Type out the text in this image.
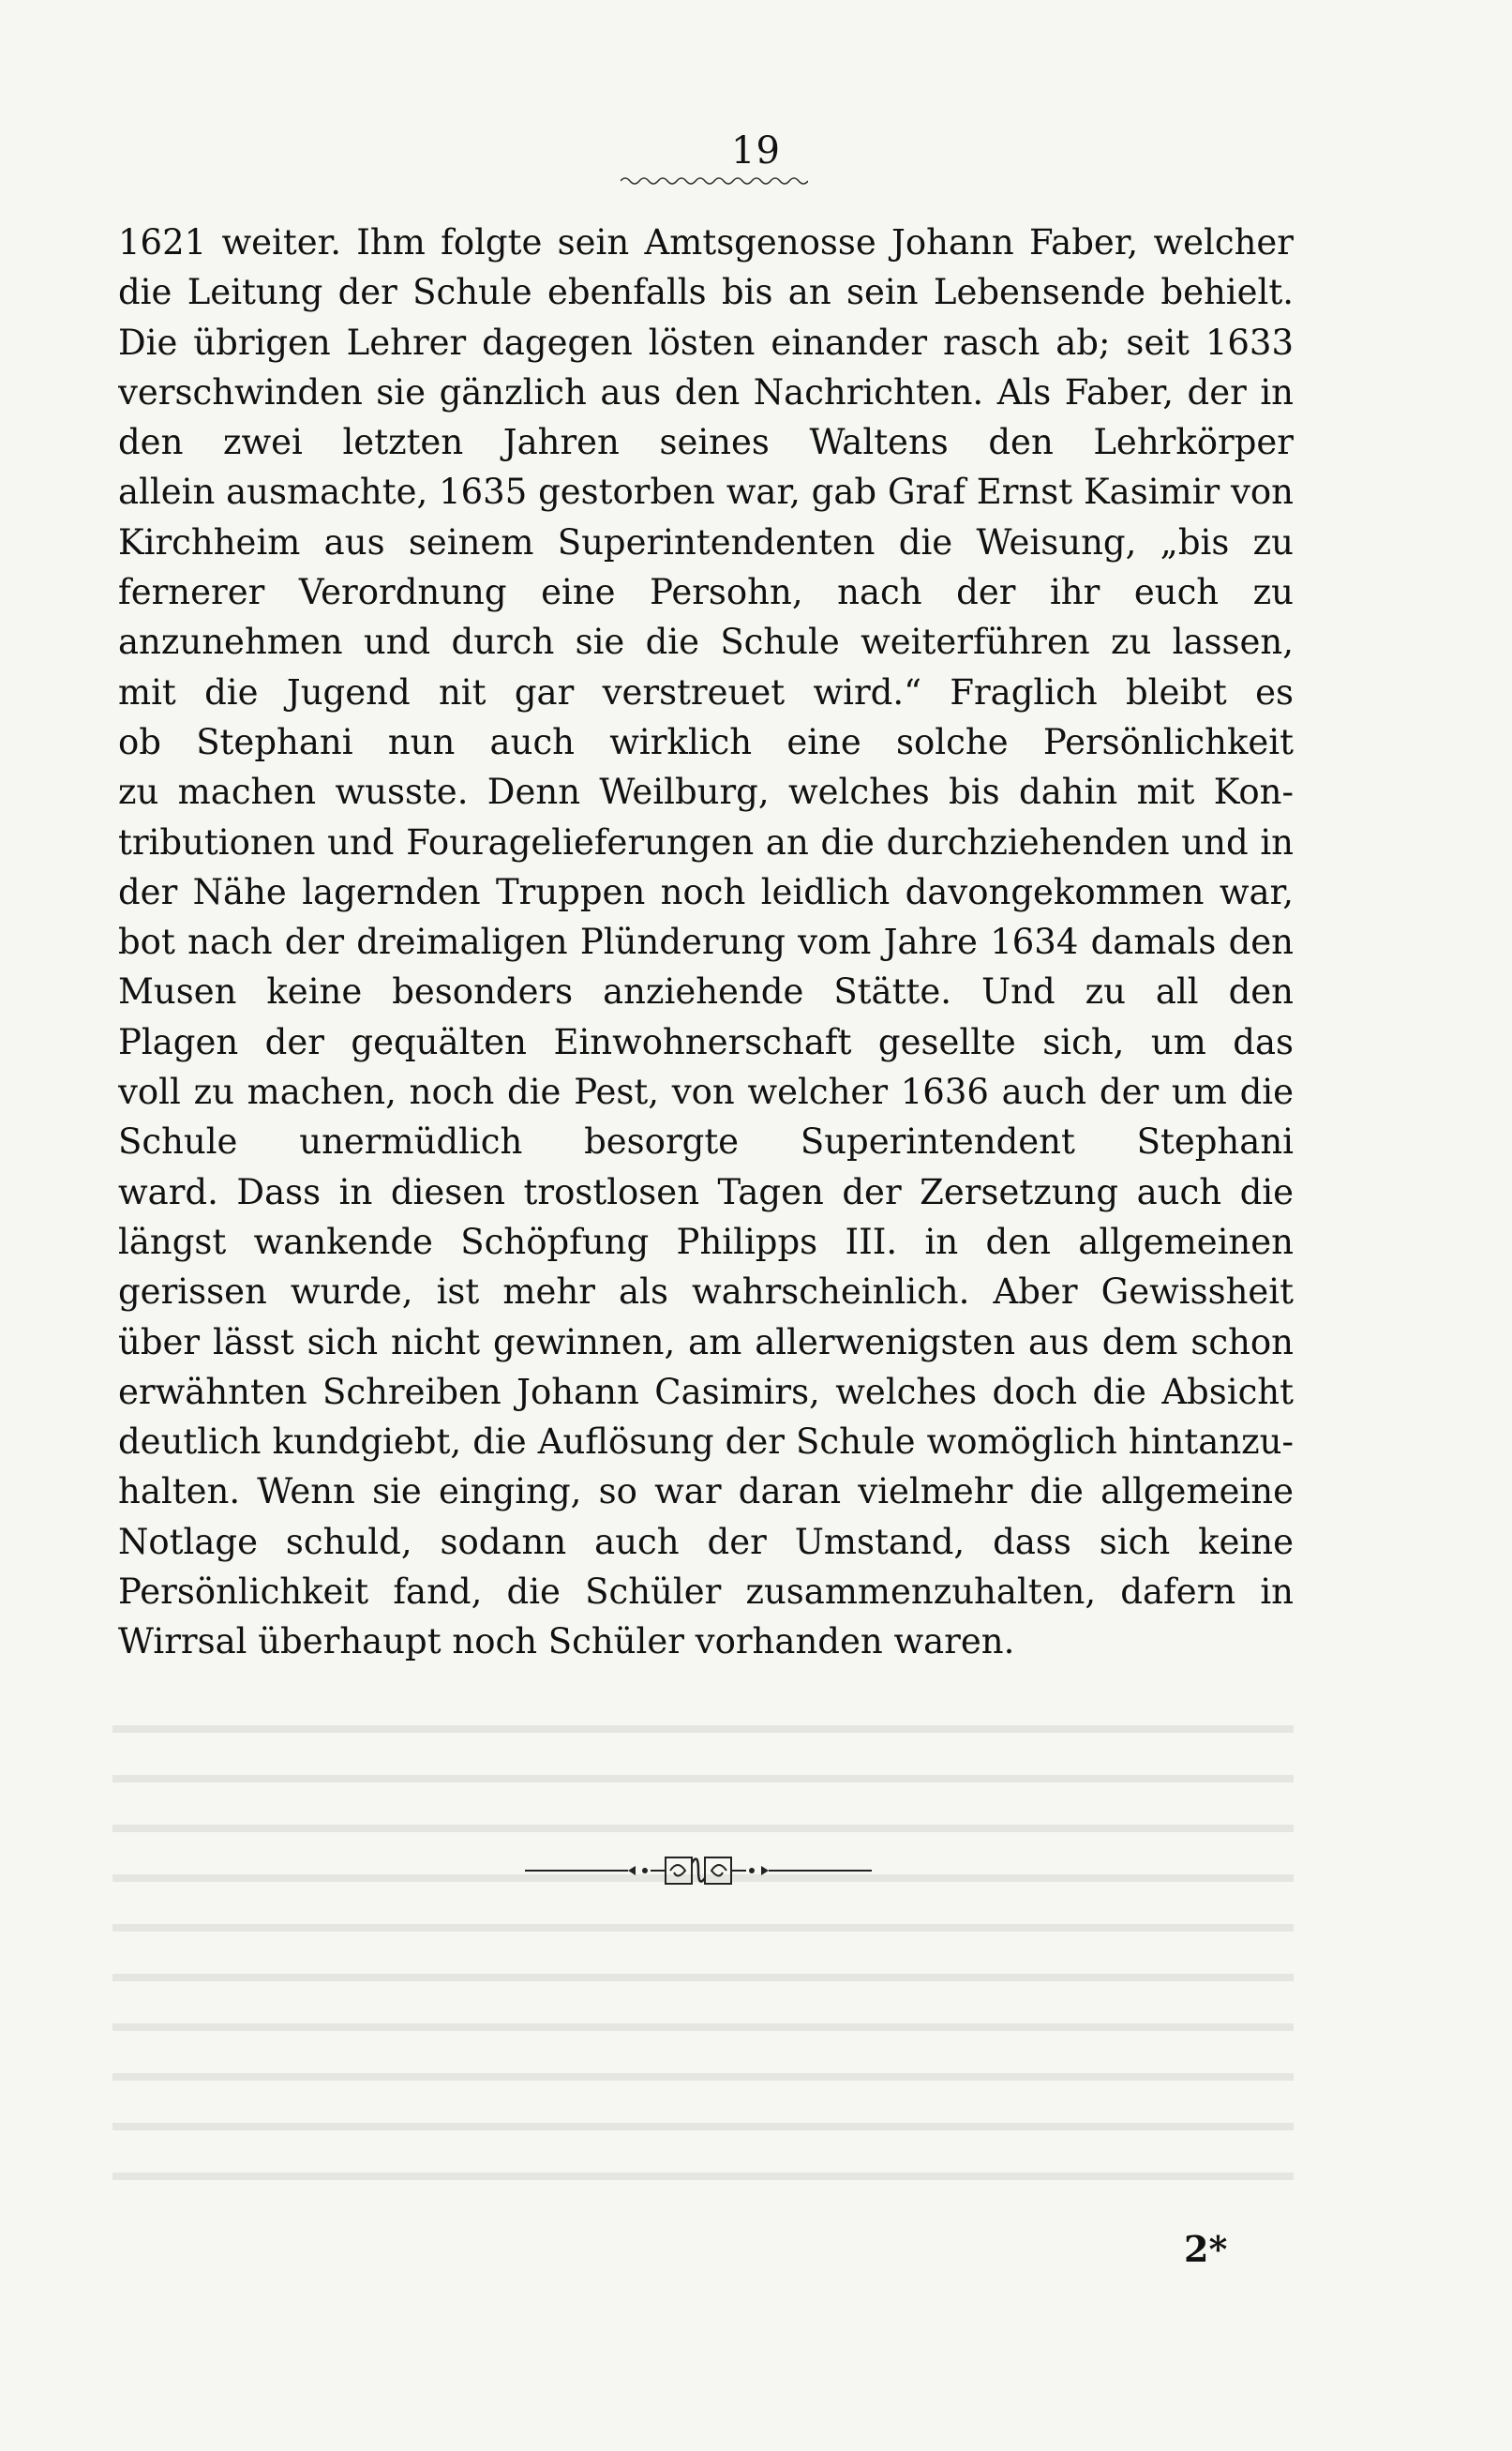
19
1621 weiter. Ihm folgte sein Amtsgenosse Johann Faber, welcher
die Leitung der Schule ebenfalls bis an sein Lebensende behielt.
Die übrigen Lehrer dagegen lösten einander rasch ab; seit 1633
verschwinden sie gänzlich aus den Nachrichten. Als Faber, der in
den zwei letzten Jahren seines Waltens den Lehrkörper
allein ausmachte, 1635 gestorben war, gab Graf Ernst Kasimir von
Kirchheim aus seinem Superintendenten die Weisung, „bis zu
fernerer Verordnung eine Persohn, nach der ihr euch zu
anzunehmen und durch sie die Schule weiterführen zu lassen,
mit die Jugend nit gar verstreuet wird.“ Fraglich bleibt es
ob Stephani nun auch wirklich eine solche Persönlichkeit
zu machen wusste. Denn Weilburg, welches bis dahin mit Kon-
tributionen und Fouragelieferungen an die durchziehenden und in
der Nähe lagernden Truppen noch leidlich davongekommen war,
bot nach der dreimaligen Plünderung vom Jahre 1634 damals den
Musen keine besonders anziehende Stätte. Und zu all den
Plagen der gequälten Einwohnerschaft gesellte sich, um das
voll zu machen, noch die Pest, von welcher 1636 auch der um die
Schule unermüdlich besorgte Superintendent Stephani
ward. Dass in diesen trostlosen Tagen der Zersetzung auch die
längst wankende Schöpfung Philipps III. in den allgemeinen
gerissen wurde, ist mehr als wahrscheinlich. Aber Gewissheit
über lässt sich nicht gewinnen, am allerwenigsten aus dem schon
erwähnten Schreiben Johann Casimirs, welches doch die Absicht
deutlich kundgiebt, die Auflösung der Schule womöglich hintanzu-
halten. Wenn sie einging, so war daran vielmehr die allgemeine
Notlage schuld, sodann auch der Umstand, dass sich keine
Persönlichkeit fand, die Schüler zusammenzuhalten, dafern in
Wirrsal überhaupt noch Schüler vorhanden waren.
2*
